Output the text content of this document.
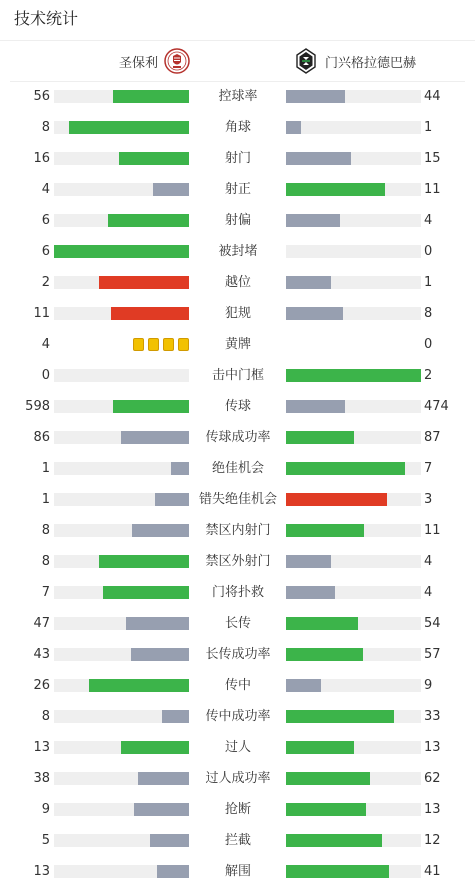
技术统计
圣保利	门兴格拉德巴赫
56	控球率	44
8	角球	1
16	射门	15
4	射正	11
6	射偏	4
6	被封堵	0
2	越位	1
11	犯规	8
4	黄牌	0
0	击中门框	2
598	传球	474
86	传球成功率	87
1	绝佳机会	7
1	错失绝佳机会	3
8	禁区内射门	11
8	禁区外射门	4
7	门将扑救	4
47	长传	54
43	长传成功率	57
26	传中	9
8	传中成功率	33
13	过人	13
38	过人成功率	62
9	抢断	13
5	拦截	12
13	解围	41
